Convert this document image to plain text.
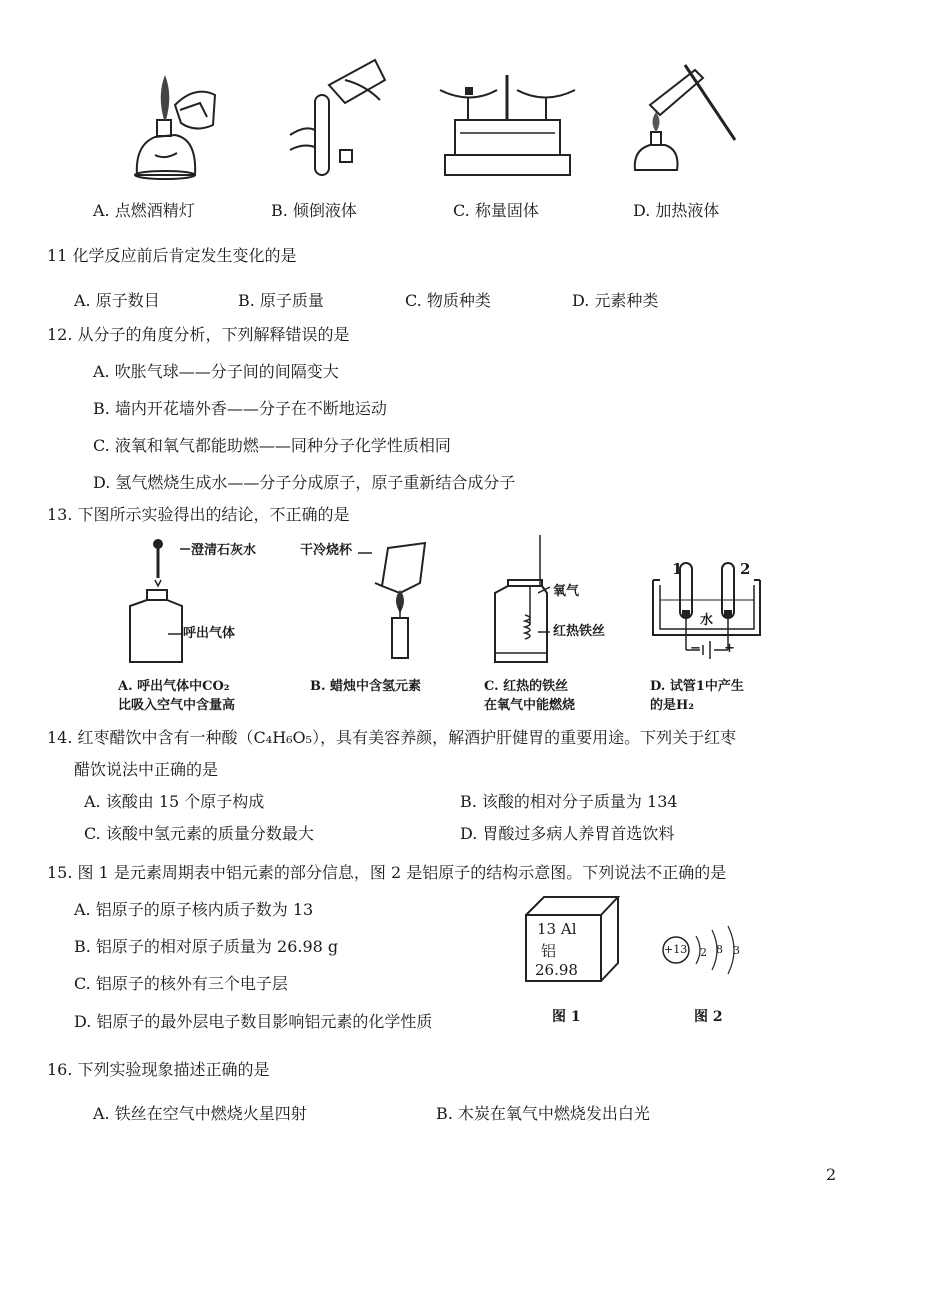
A. 点燃酒精灯	B. 倾倒液体	C. 称量固体	D. 加热液体
11 化学反应前后肯定发生变化的是
A. 原子数目	B. 原子质量	C. 物质种类	D. 元素种类
12. 从分子的角度分析，下列解释错误的是
A. 吹胀气球——分子间的间隔变大
B. 墙内开花墙外香——分子在不断地运动
C. 液氧和氧气都能助燃——同种分子化学性质相同
D. 氢气燃烧生成水——分子分成原子，原子重新结合成分子
13. 下图所示实验得出的结论，不正确的是
澄清石灰水
呼出气体
A. 呼出气体中CO₂
比吸入空气中含量高
干冷烧杯
B. 蜡烛中含氢元素
氧气
红热铁丝
C. 红热的铁丝
在氧气中能燃烧
1	2
水
− +
D. 试管1中产生
的是H₂
14. 红枣醋饮中含有一种酸（C₄H₆O₅），具有美容养颜，解酒护肝健胃的重要用途。下列关于红枣
醋饮说法中正确的是
A. 该酸由 15 个原子构成	B. 该酸的相对分子质量为 134
C. 该酸中氢元素的质量分数最大	D. 胃酸过多病人养胃首选饮料
15. 图 1 是元素周期表中铝元素的部分信息，图 2 是铝原子的结构示意图。下列说法不正确的是
A. 铝原子的原子核内质子数为 13
B. 铝原子的相对原子质量为 26.98 g
C. 铝原子的核外有三个电子层
D. 铝原子的最外层电子数目影响铝元素的化学性质
13 Al
铝
26.98
图 1
+13 2 8 3
图 2
16. 下列实验现象描述正确的是
A. 铁丝在空气中燃烧火星四射	B. 木炭在氧气中燃烧发出白光
2
